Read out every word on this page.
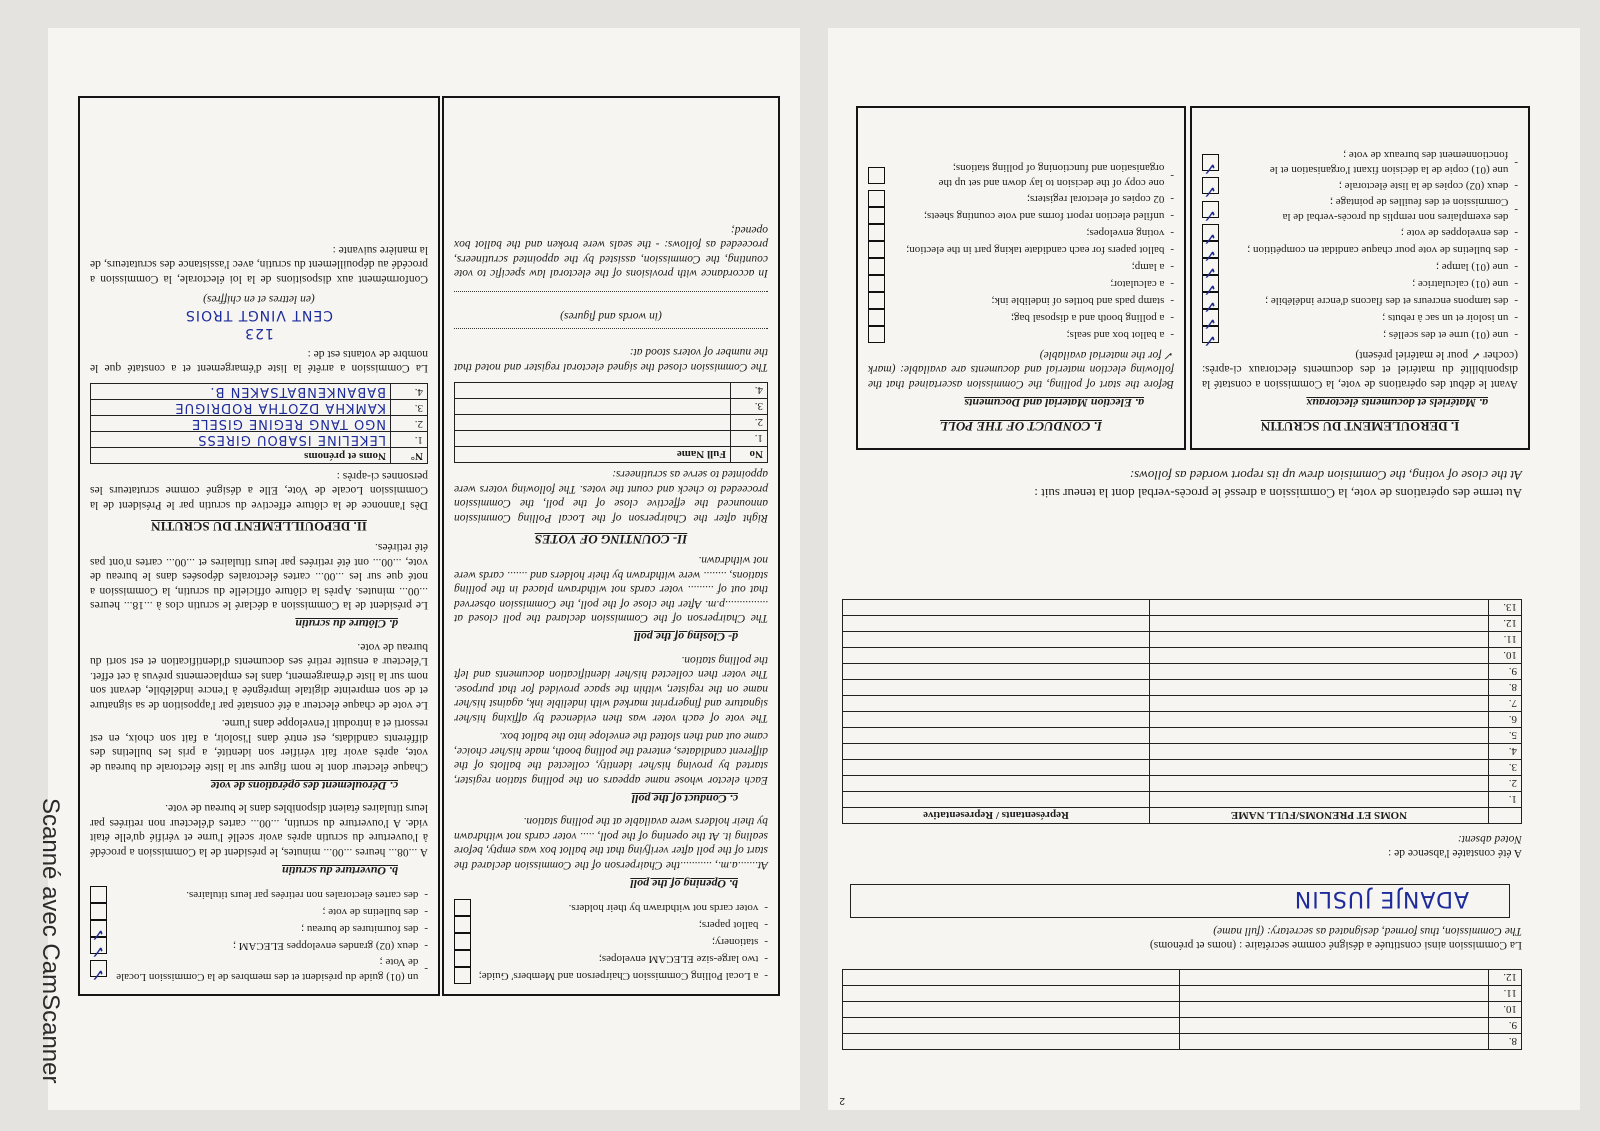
-
a Local Polling Commission Chairperson and Members' Guide;
-
two large-size ELECAM envelopes;
-
stationery;
-
ballot papers;
-
voter cards not withdrawn by their holders.
b. Opening of the poll

At.......a.m., ...........the Chairperson of the Commission declared the start of the poll after verifying that the ballot box was empty, before sealing it. At the opening of the poll, ..... voter cards not withdrawn by their holders were available at the polling station.

c. Conduct of the poll

Each elector whose name appears on the polling station register, started by proving his/her identity, collected the ballots of the different candidates, entered the polling booth, made his/her choice, came out and then slotted the envelope into the ballot box.

The vote of each voter was then evidenced by affixing his/her signature and fingerprint marked with indelible ink, against his/her name on the register, within the space provided for that purpose. The voter then collected his/her identification documents and left the polling station.

d- Closing of the poll

The Chairperson of the Commission declared the poll closed at ...............p.m. After the close of the poll, the Commission observed that out of ......... voter cards not withdrawn placed in the polling stations, ........ were withdrawn by their holders and ....... cards were not withdrawn.

II- COUNTING OF VOTES

Right after the Chairperson of the Local Polling Commission announced the effective close of the poll, the Commission proceeded to check and count the votes. The following voters were appointed to serve as scrutineers:

No	Full Name
1.	
2.	
3.	
4.	

The Commission closed the signed electoral register and noted that the number of voters stood at:

(in words and figures)

In accordance with provisions of the electoral law specific to vote counting, the Commission, assisted by the appointed scrutineers, proceeded as follows: - the seals were broken and the ballot box opened;

-
un (01) guide du président et des membres de la Commission Locale de Vote ;
✓
-
deux (02) grandes enveloppes ELECAM ;
✓
-
des fournitures de bureau ;
✓
-
des bulletins de vote ;
-
des cartes électorales non retirées par leurs titulaires.
b. Ouverture du scrutin

A ...08... heures ...00... minutes, le président de la Commission a procédé à l'ouverture du scrutin après avoir scellé l'urne et vérifié qu'elle était vide. A l'ouverture du scrutin, ...00... cartes d'électeur non retirées par leurs titulaires étaient disponibles dans le bureau de vote.

c. Déroulement des opérations de vote

Chaque électeur dont le nom figure sur la liste électorale du bureau de vote, après avoir fait vérifier son identité, a pris les bulletins des différents candidats, est entré dans l'isoloir, a fait son choix, en est ressorti et a introduit l'enveloppe dans l'urne.

Le vote de chaque électeur a été constaté par l'apposition de sa signature et de son empreinte digitale imprégnée à l'encre indélébile, devant son nom sur la liste d'émargement, dans les emplacements prévus à cet effet. L'électeur a ensuite retiré ses documents d'identification et est sorti du bureau de vote.

d. Clôture du scrutin

Le président de la Commission a déclaré le scrutin clos à ...18... heures ...00... minutes. Après la clôture officielle du scrutin, la Commission a noté que sur les ...00... cartes électorales déposées dans le bureau de vote, ...00... ont été retirées par leurs titulaires et ...00... cartes n'ont pas été retirées.

II. DEPOUILLEMENT DU SCRUTIN

Dès l'annonce de la clôture effective du scrutin par le Président de la Commission Locale de Vote, Elle a désigné comme scrutateurs les personnes ci-après :

N°	Noms et prénoms
1.	LEKELINE ISABOU GIRESS
2.	NGO TANG REGINE GISELE
3.	KAMKHA DZOTHA RODRIGUE
4.	BABANKENBATSAKEN B.

La Commission a arrêté la liste d'émargement et a constaté que le nombre de votants est de :

123
CENT VINGT TROIS
(en lettres et en chiffres)

Conformément aux dispositions de la loi électorale, la Commission a procédé au dépouillement du scrutin, avec l'assistance des scrutateurs, de la manière suivante :

2
8.		
9.		
10.		
11.		
12.		

La Commission ainsi constituée a désigné comme secrétaire : (noms et prénoms)

The Commission, thus formed, designated as secretary: (full name)

ADANJE JUSLIN

A été constatée l'absence de :

Noted absent:

	NOMS ET PRENOMS/FULL NAME	Représentants / Representative
1.		
2.		
3.		
4.		
5.		
6.		
7.		
8.		
9.		
10.		
11.		
12.		
13.		

Au terme des opérations de vote, la Commission a dressé le procès-verbal dont la teneur suit :

At the close of voting, the Commision drew up its report worded as follows:

I. DEROULEMENT DU SCRUTIN
a. Matériels et documents électoraux

Avant le début des opérations de vote, la Commission a constaté la disponibilité du matériel et des documents électoraux ci-après: (cocher ✓ pour le matériel présent)

-
une (01) urne et des scellés ;
✓
-
un isoloir et un sac à rebuts ;
✓
-
des tampons encreurs et des flacons d'encre indélébile ;
✓
-
une (01) calculatrice ;
✓
-
une (01) lampe ;
✓
-
des bulletins de vote pour chaque candidat en compétition ;
✓
-
des enveloppes de vote ;
✓
-
des exemplaires non remplis du procès-verbal de la Commission et des feuilles de pointage ;
✓
-
deux (02) copies de la liste électorale ;
✓
-
une (01) copie de la décision fixant l'organisation et le fonctionnement des bureaux de vote ;
✓
I. CONDUCT OF THE POLL
a. Election Material and Documents

Before the start of polling, the Commission ascertained that the following election material and documents are available: (mark ✓ for the material available)

-
a ballot box and seals;
-
a polling booth and a disposal bag;
-
stamp pads and bottles of indelible ink;
-
a calculator;
-
a lamp;
-
ballot papers for each candidate taking part in the election;
-
voting envelopes;
-
unfiled election report forms and vote counting sheets;
-
02 copies of electoral registers;
-
one copy of the decision to lay down and set up the organisation and functioning of polling stations;
Scanné avec CamScanner
